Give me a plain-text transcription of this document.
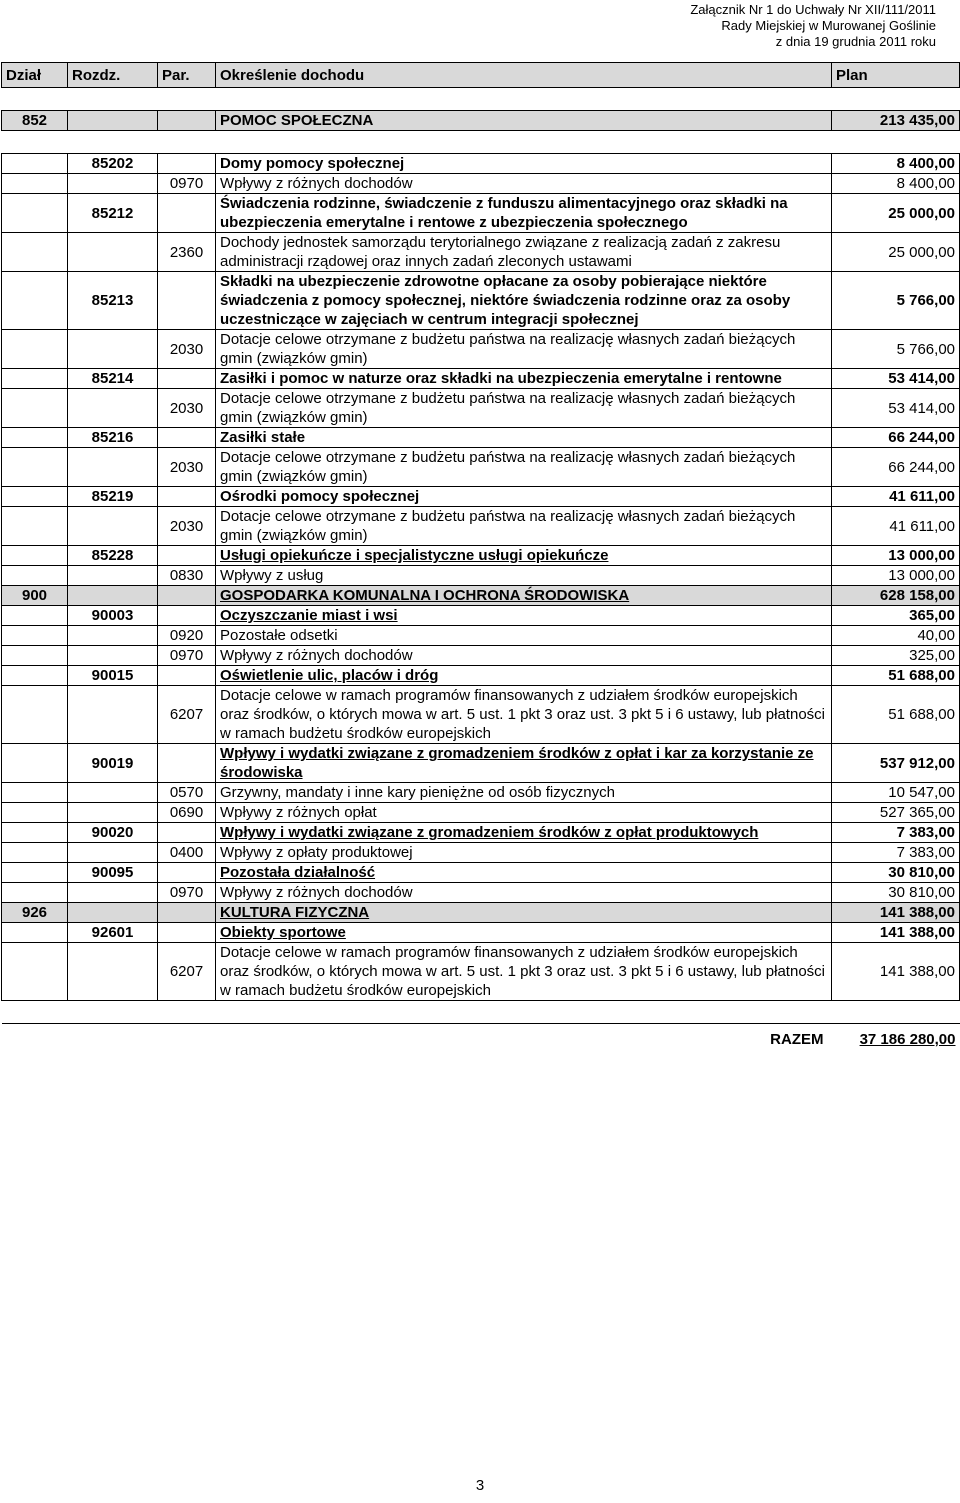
Załącznik Nr 1 do Uchwały Nr XII/111/2011
Rady Miejskiej w Murowanej Goślinie
z dnia 19 grudnia 2011 roku
Dział	Rozdz.	Par.	Określenie dochodu	Plan

852			POMOC SPOŁECZNA	213 435,00

	85202		Domy pomocy społecznej	8 400,00
		0970	Wpływy z różnych dochodów	8 400,00
	85212		Świadczenia rodzinne, świadczenie z funduszu alimentacyjnego oraz składki na ubezpieczenia emerytalne i rentowe z ubezpieczenia społecznego	25 000,00
		2360	Dochody jednostek samorządu terytorialnego związane z realizacją zadań z zakresu administracji rządowej oraz innych zadań zleconych ustawami	25 000,00
	85213		Składki na ubezpieczenie zdrowotne opłacane za osoby pobierające niektóre świadczenia z pomocy społecznej, niektóre świadczenia rodzinne oraz za osoby uczestniczące w zajęciach w centrum integracji społecznej	5 766,00
		2030	Dotacje celowe otrzymane z budżetu państwa na realizację własnych zadań bieżących gmin (związków gmin)	5 766,00
	85214		Zasiłki i pomoc w naturze oraz składki na ubezpieczenia emerytalne i rentowne	53 414,00
		2030	Dotacje celowe otrzymane z budżetu państwa na realizację własnych zadań bieżących gmin (związków gmin)	53 414,00
	85216		Zasiłki stałe	66 244,00
		2030	Dotacje celowe otrzymane z budżetu państwa na realizację własnych zadań bieżących gmin (związków gmin)	66 244,00
	85219		Ośrodki pomocy społecznej	41 611,00
		2030	Dotacje celowe otrzymane z budżetu państwa na realizację własnych zadań bieżących gmin (związków gmin)	41 611,00
	85228		Usługi opiekuńcze i specjalistyczne usługi opiekuńcze	13 000,00
		0830	Wpływy z usług	13 000,00
900			GOSPODARKA KOMUNALNA I OCHRONA ŚRODOWISKA	628 158,00
	90003		Oczyszczanie miast i wsi	365,00
		0920	Pozostałe odsetki	40,00
		0970	Wpływy z różnych dochodów	325,00
	90015		Oświetlenie ulic, placów i dróg	51 688,00
		6207	Dotacje celowe w ramach programów finansowanych z udziałem środków europejskich oraz środków, o których mowa w art. 5 ust. 1 pkt 3 oraz ust. 3 pkt 5 i 6 ustawy, lub płatności w ramach budżetu środków europejskich	51 688,00
	90019		Wpływy i wydatki związane z gromadzeniem środków z opłat i kar za korzystanie ze środowiska	537 912,00
		0570	Grzywny, mandaty i inne kary pieniężne od osób fizycznych	10 547,00
		0690	Wpływy z różnych opłat	527 365,00
	90020		Wpływy i wydatki związane z gromadzeniem środków z opłat produktowych	7 383,00
		0400	Wpływy z opłaty produktowej	7 383,00
	90095		Pozostała działalność	30 810,00
		0970	Wpływy z różnych dochodów	30 810,00
926			KULTURA FIZYCZNA	141 388,00
	92601		Obiekty sportowe	141 388,00
		6207	Dotacje celowe w ramach programów finansowanych z udziałem środków europejskich oraz środków, o których mowa w art. 5 ust. 1 pkt 3 oraz ust. 3 pkt 5 i 6 ustawy, lub płatności w ramach budżetu środków europejskich	141 388,00

RAZEM				37 186 280,00
3
